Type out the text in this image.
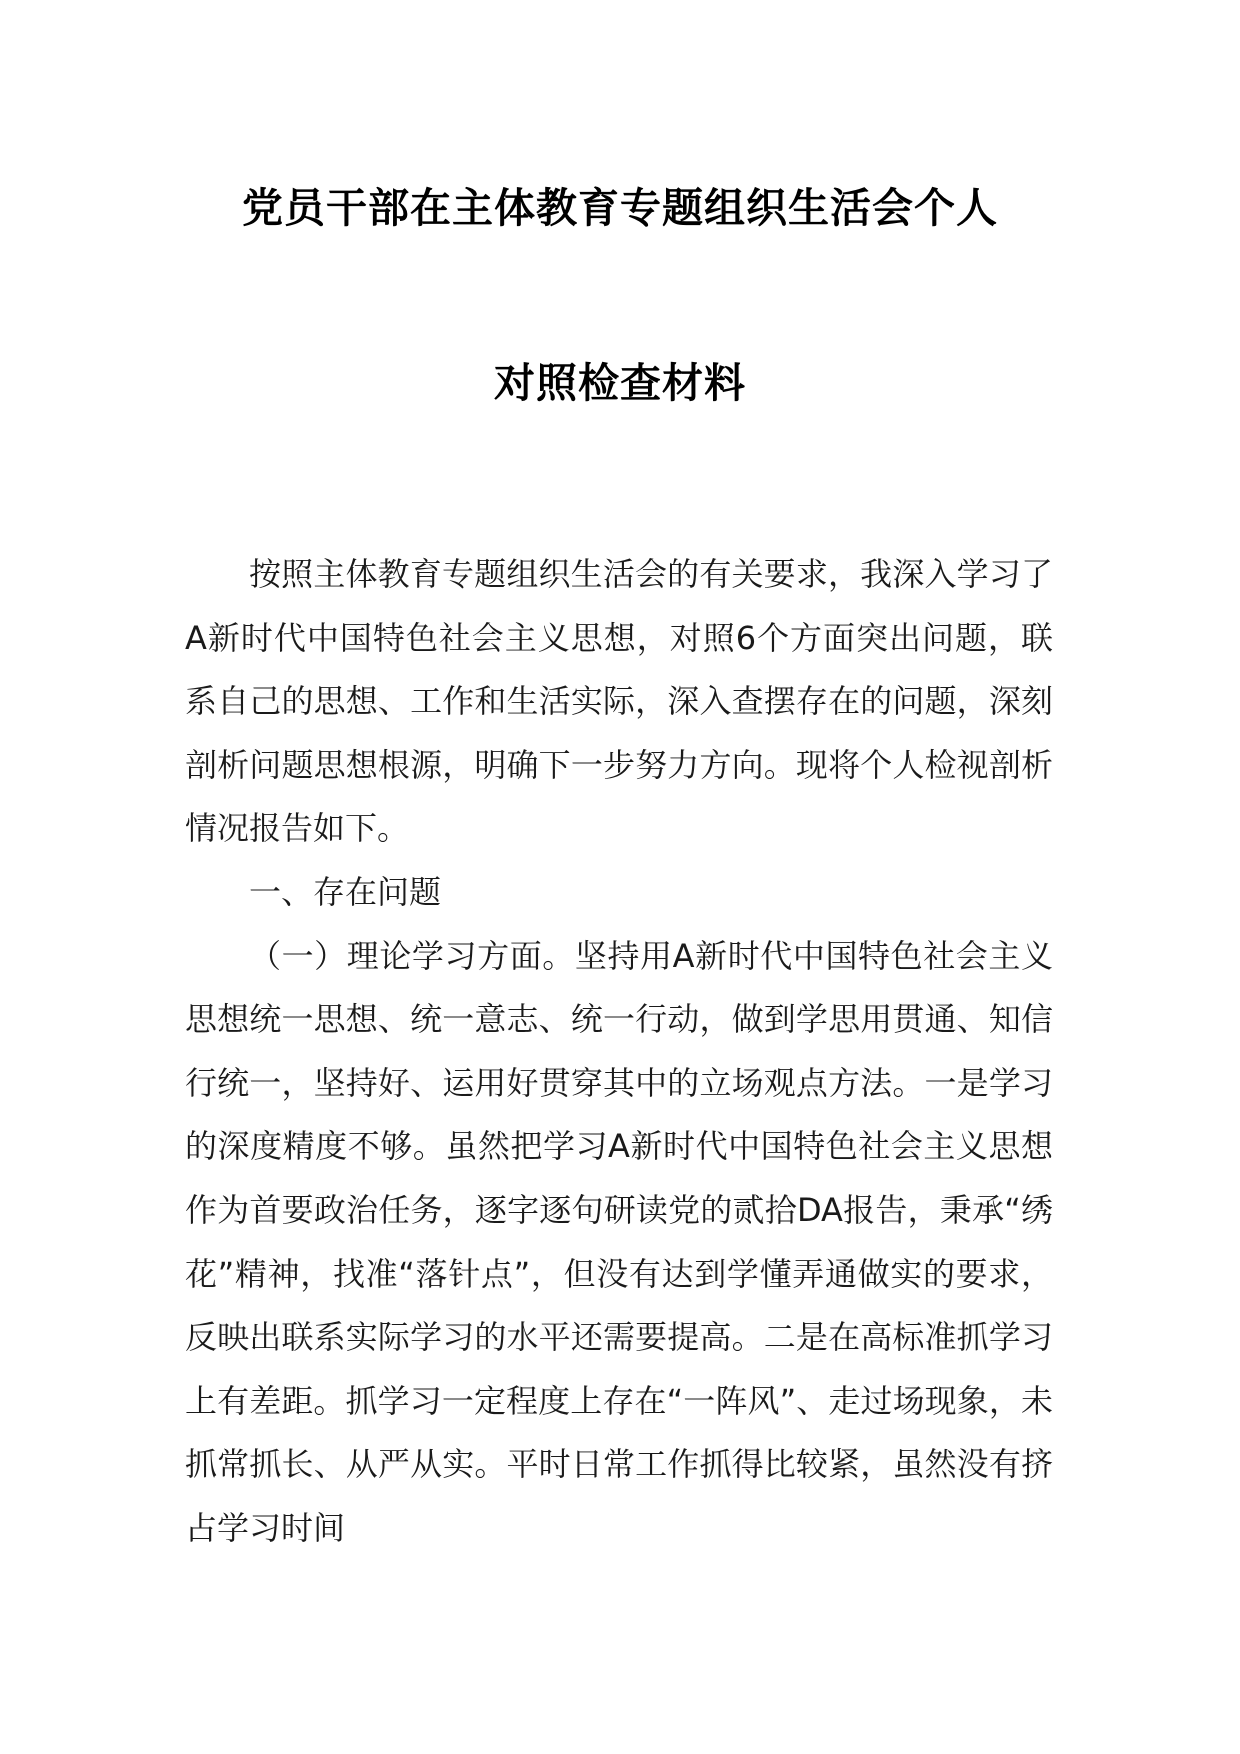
党员干部在主体教育专题组织生活会个人
对照检查材料

按照主体教育专题组织生活会的有关要求，我深入学习了A新时代中国特色社会主义思想，对照6个方面突出问题，联系自己的思想、工作和生活实际，深入查摆存在的问题，深刻剖析问题思想根源，明确下一步努力方向。现将个人检视剖析情况报告如下。

一、存在问题

（一）理论学习方面。坚持用A新时代中国特色社会主义思想统一思想、统一意志、统一行动，做到学思用贯通、知信行统一，坚持好、运用好贯穿其中的立场观点方法。一是学习的深度精度不够。虽然把学习A新时代中国特色社会主义思想作为首要政治任务，逐字逐句研读党的贰拾DA报告，秉承“绣花”精神，找准“落针点”，但没有达到学懂弄通做实的要求，反映出联系实际学习的水平还需要提高。二是在高标准抓学习上有差距。抓学习一定程度上存在“一阵风”、走过场现象，未抓常抓长、从严从实。平时日常工作抓得比较紧，虽然没有挤占学习时间
